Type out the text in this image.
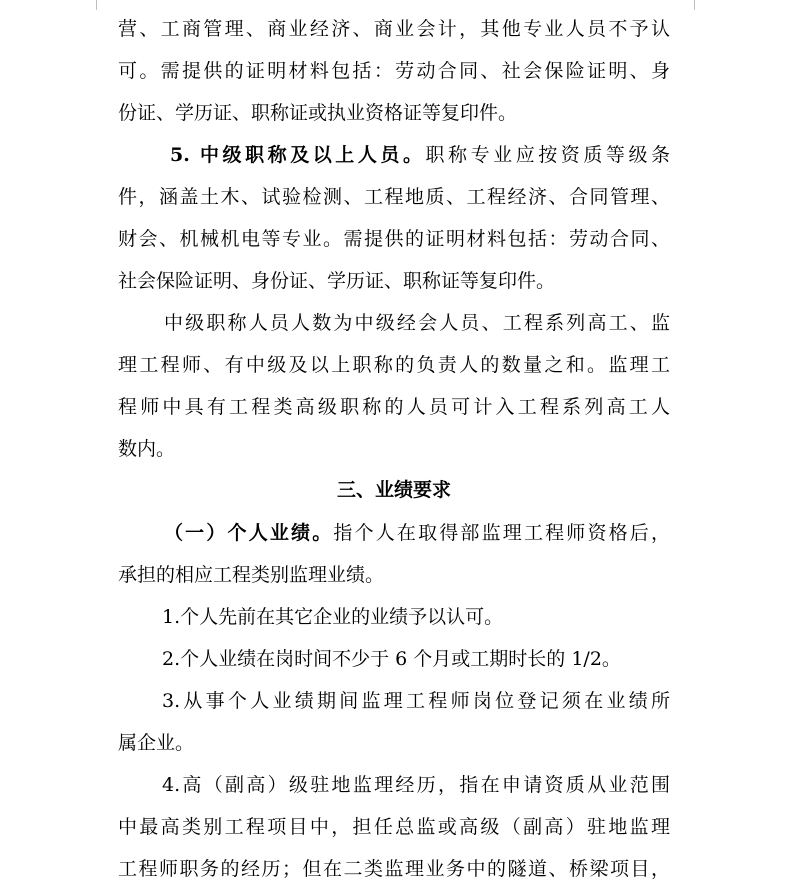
营、工商管理、商业经济、商业会计，其他专业人员不予认
可。需提供的证明材料包括：劳动合同、社会保险证明、身
份证、学历证、职称证或执业资格证等复印件。
5. 中级职称及以上人员。职称专业应按资质等级条
件，涵盖土木、试验检测、工程地质、工程经济、合同管理、
财会、机械机电等专业。需提供的证明材料包括：劳动合同、
社会保险证明、身份证、学历证、职称证等复印件。
中级职称人员人数为中级经会人员、工程系列高工、监
理工程师、有中级及以上职称的负责人的数量之和。监理工
程师中具有工程类高级职称的人员可计入工程系列高工人
数内。
三、业绩要求
（一）个人业绩。指个人在取得部监理工程师资格后，
承担的相应工程类别监理业绩。
1.个人先前在其它企业的业绩予以认可。
2.个人业绩在岗时间不少于 6 个月或工期时长的 1/2。
3.从事个人业绩期间监理工程师岗位登记须在业绩所
属企业。
4.高（副高）级驻地监理经历，指在申请资质从业范围
中最高类别工程项目中，担任总监或高级（副高）驻地监理
工程师职务的经历；但在二类监理业务中的隧道、桥梁项目，
